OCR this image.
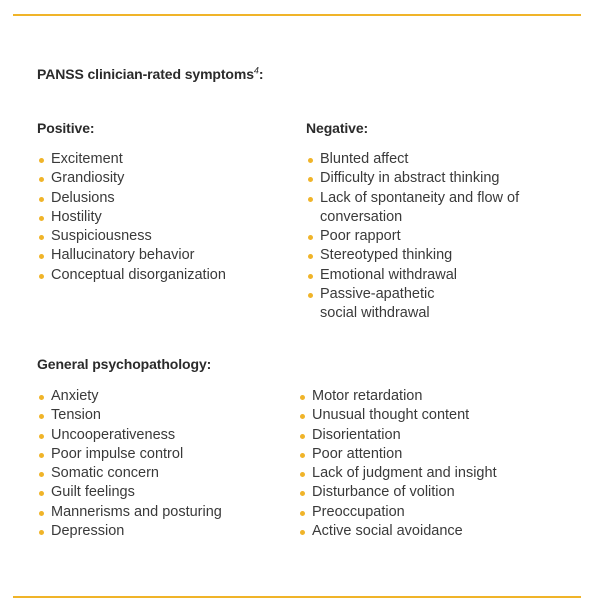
PANSS clinician-rated symptoms$^4$:
Positive:
Excitement
Grandiosity
Delusions
Hostility
Suspiciousness
Hallucinatory behavior
Conceptual disorganization
Negative:
Blunted affect
Difficulty in abstract thinking
Lack of spontaneity and flow of
conversation
Poor rapport
Stereotyped thinking
Emotional withdrawal
Passive-apathetic
social withdrawal
General psychopathology:
Anxiety
Tension
Uncooperativeness
Poor impulse control
Somatic concern
Guilt feelings
Mannerisms and posturing
Depression
Motor retardation
Unusual thought content
Disorientation
Poor attention
Lack of judgment and insight
Disturbance of volition
Preoccupation
Active social avoidance
